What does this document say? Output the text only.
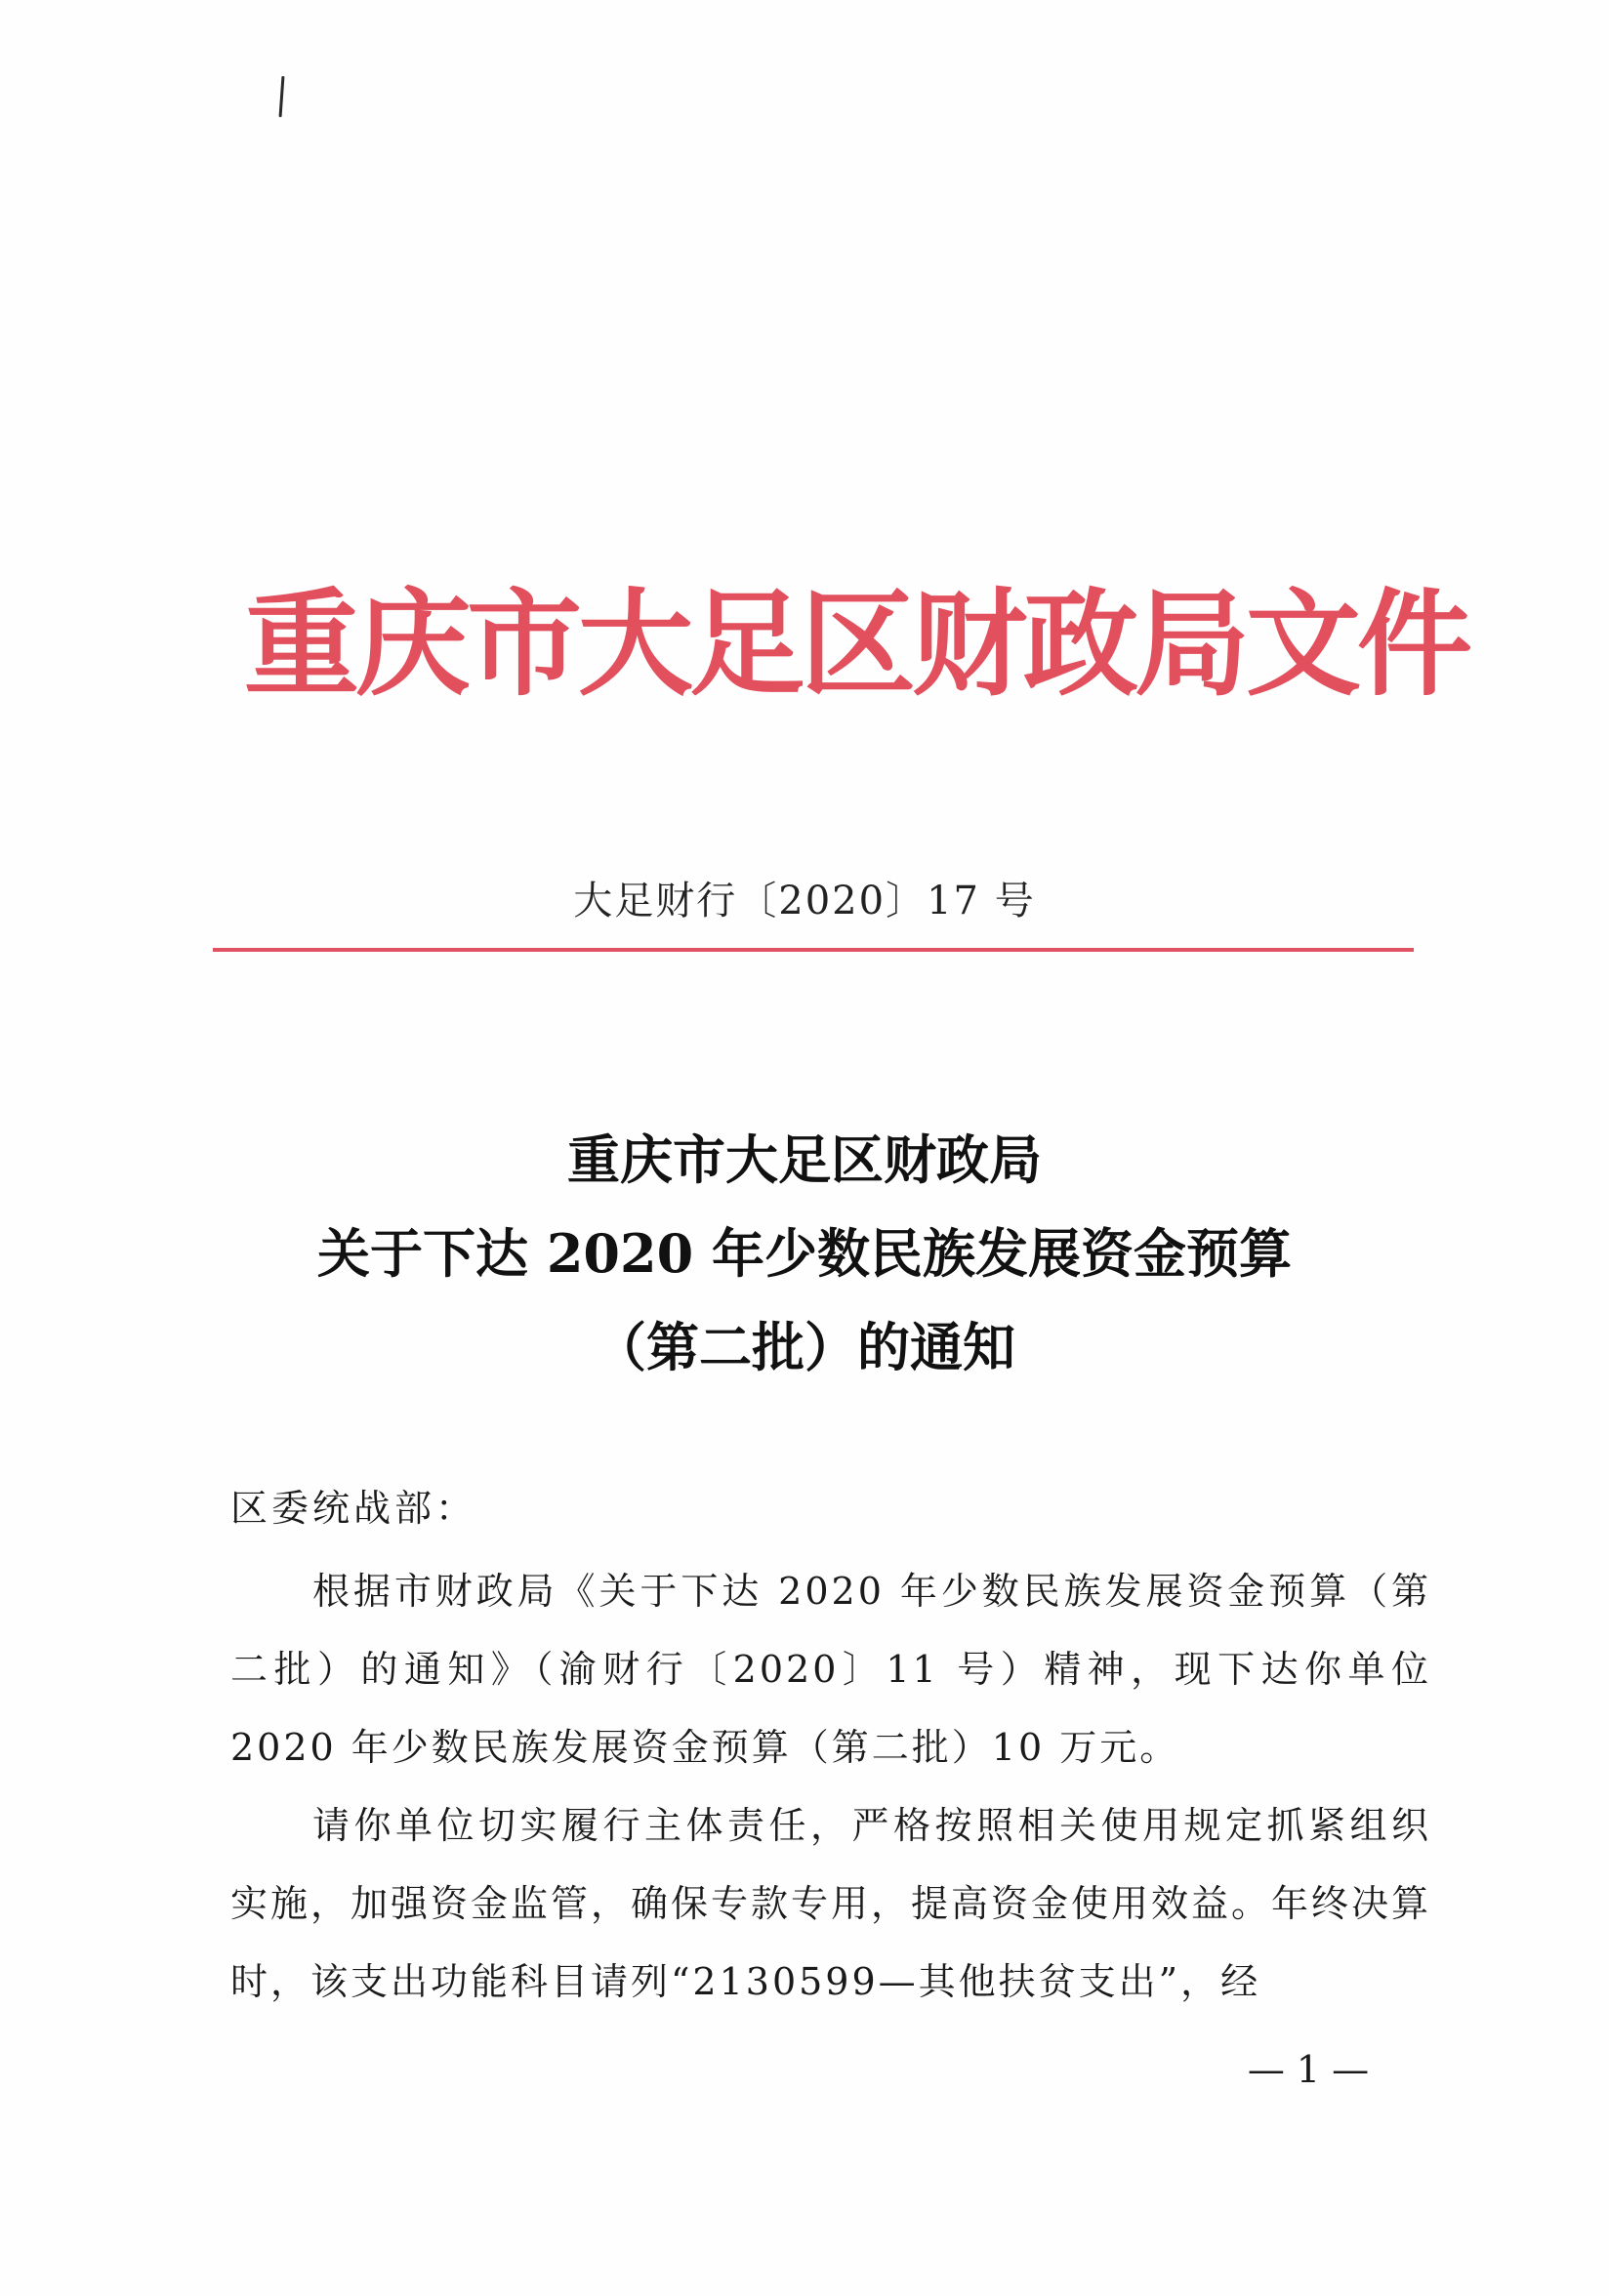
重庆市大足区财政局文件
大足财行〔2020〕17 号
重庆市大足区财政局
关于下达 2020 年少数民族发展资金预算
（第二批）的通知
区委统战部：

根据市财政局《关于下达 2020 年少数民族发展资金预算（第二批）的通知》（渝财行〔2020〕11 号）精神，现下达你单位 2020 年少数民族发展资金预算（第二批）10 万元。

请你单位切实履行主体责任，严格按照相关使用规定抓紧组织实施，加强资金监管，确保专款专用，提高资金使用效益。年终决算时，该支出功能科目请列“2130599—其他扶贫支出”，经

— 1 —
